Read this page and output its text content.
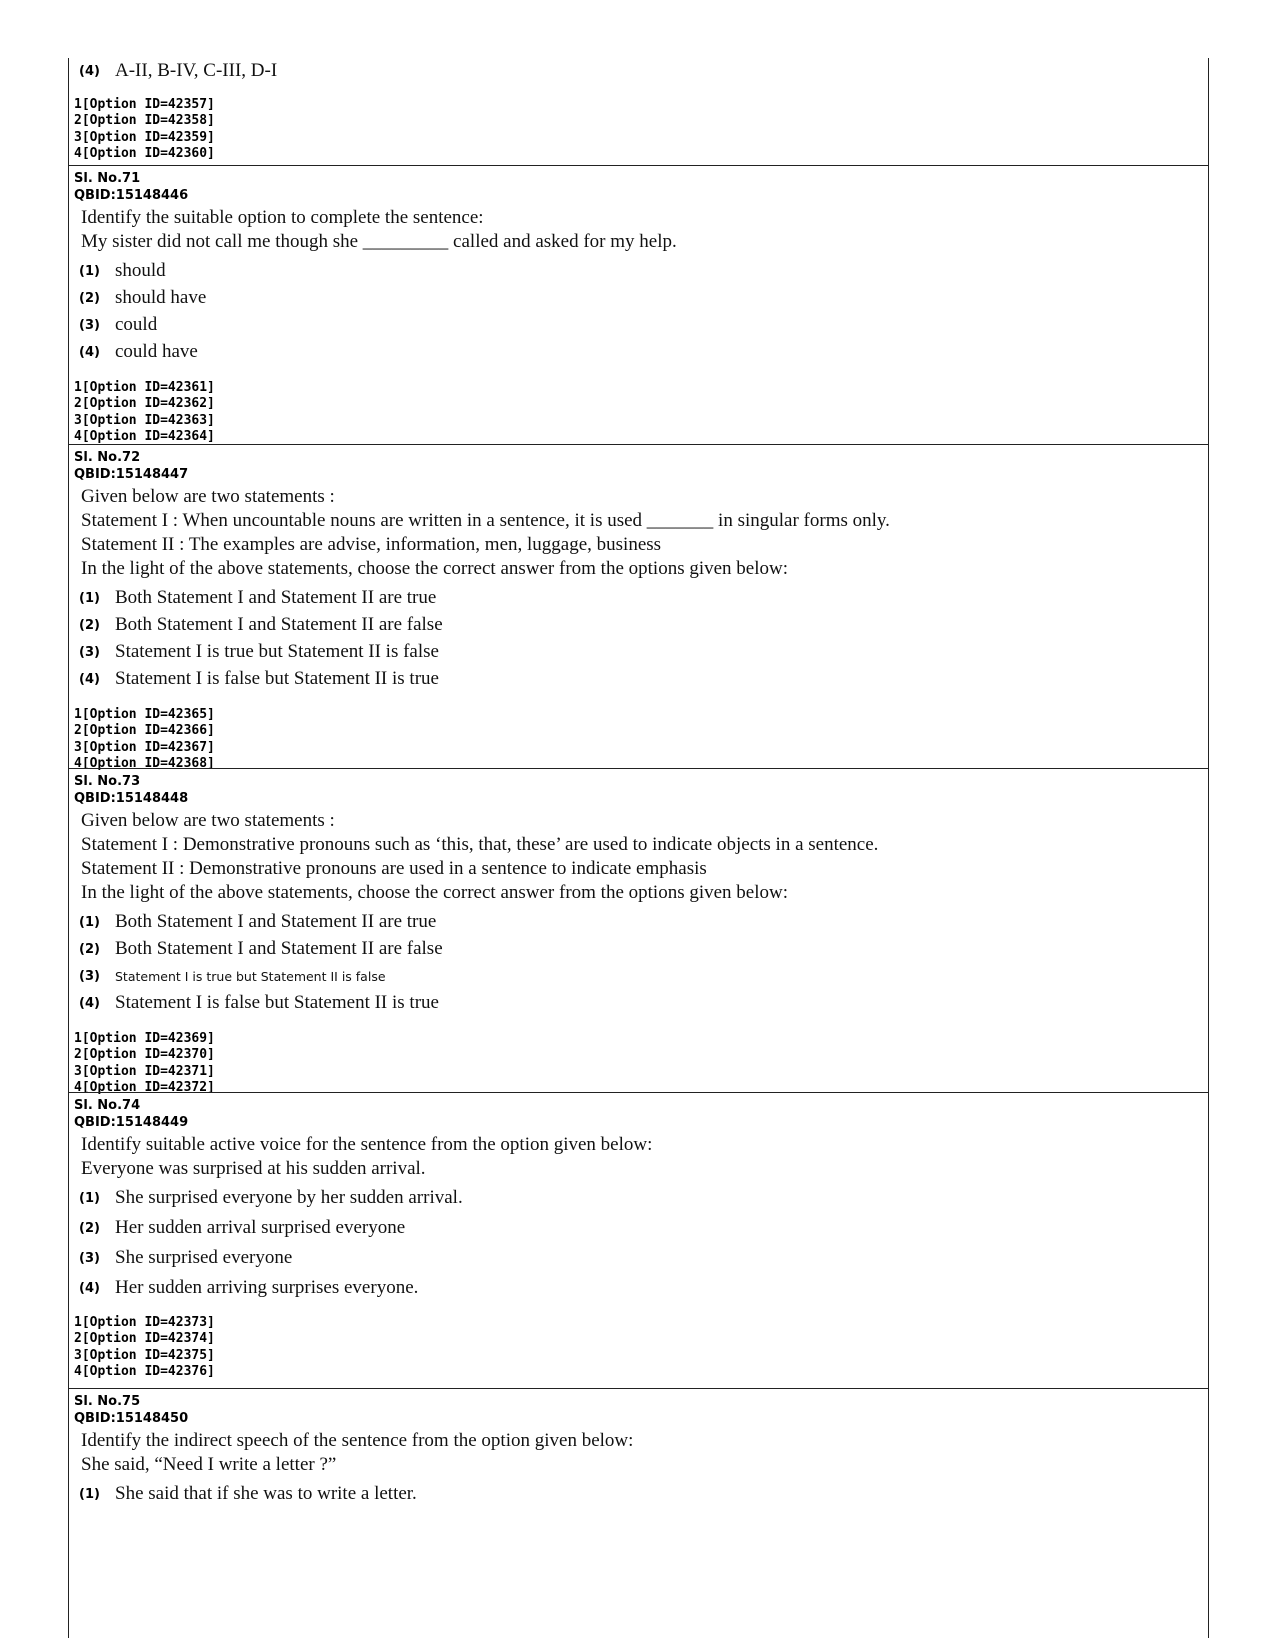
(4) A-II, B-IV, C-III, D-I
1[Option ID=42357]
2[Option ID=42358]
3[Option ID=42359]
4[Option ID=42360]
Sl. No.71
QBID:15148446
Identify the suitable option to complete the sentence:
My sister did not call me though she _________ called and asked for my help.
(1) should
(2) should have
(3) could
(4) could have
1[Option ID=42361]
2[Option ID=42362]
3[Option ID=42363]
4[Option ID=42364]
Sl. No.72
QBID:15148447
Given below are two statements :
Statement I : When uncountable nouns are written in a sentence, it is used _______ in singular forms only.
Statement II : The examples are advise, information, men, luggage, business
In the light of the above statements, choose the correct answer from the options given below:
(1) Both Statement I and Statement II are true
(2) Both Statement I and Statement II are false
(3) Statement I is true but Statement II is false
(4) Statement I is false but Statement II is true
1[Option ID=42365]
2[Option ID=42366]
3[Option ID=42367]
4[Option ID=42368]
Sl. No.73
QBID:15148448
Given below are two statements :
Statement I : Demonstrative pronouns such as ‘this, that, these’ are used to indicate objects in a sentence.
Statement II : Demonstrative pronouns are used in a sentence to indicate emphasis
In the light of the above statements, choose the correct answer from the options given below:
(1) Both Statement I and Statement II are true
(2) Both Statement I and Statement II are false
(3) Statement I is true but Statement II is false
(4) Statement I is false but Statement II is true
1[Option ID=42369]
2[Option ID=42370]
3[Option ID=42371]
4[Option ID=42372]
Sl. No.74
QBID:15148449
Identify suitable active voice for the sentence from the option given below:
Everyone was surprised at his sudden arrival.
(1) She surprised everyone by her sudden arrival.
(2) Her sudden arrival surprised everyone
(3) She surprised everyone
(4) Her sudden arriving surprises everyone.
1[Option ID=42373]
2[Option ID=42374]
3[Option ID=42375]
4[Option ID=42376]
Sl. No.75
QBID:15148450
Identify the indirect speech of the sentence from the option given below:
She said, “Need I write a letter ?”
(1) She said that if she was to write a letter.
